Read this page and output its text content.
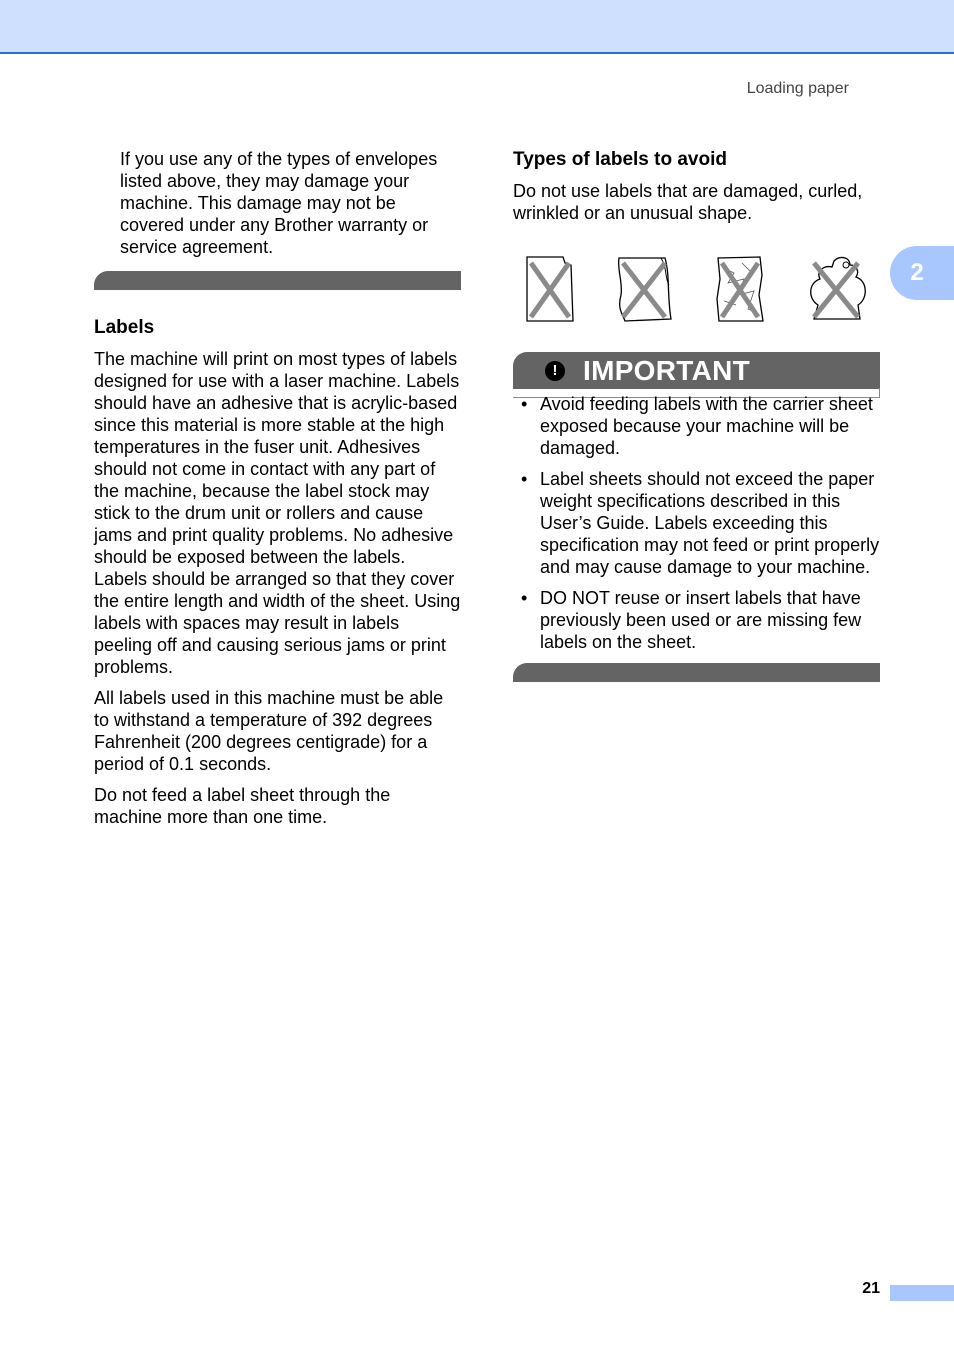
Loading paper
2

If you use any of the types of envelopes listed above, they may damage your machine. This damage may not be covered under any Brother warranty or service agreement.

Labels

The machine will print on most types of labels designed for use with a laser machine. Labels should have an adhesive that is acrylic-based since this material is more stable at the high temperatures in the fuser unit. Adhesives should not come in contact with any part of the machine, because the label stock may stick to the drum unit or rollers and cause jams and print quality problems. No adhesive should be exposed between the labels. Labels should be arranged so that they cover the entire length and width of the sheet. Using labels with spaces may result in labels peeling off and causing serious jams or print problems.

All labels used in this machine must be able to withstand a temperature of 392 degrees Fahrenheit (200 degrees centigrade) for a period of 0.1 seconds.

Do not feed a label sheet through the machine more than one time.

Types of labels to avoid

Do not use labels that are damaged, curled, wrinkled or an unusual shape.

! IMPORTANT
• Avoid feeding labels with the carrier sheet exposed because your machine will be damaged.
• Label sheets should not exceed the paper weight specifications described in this User’s Guide. Labels exceeding this specification may not feed or print properly and may cause damage to your machine.
• DO NOT reuse or insert labels that have previously been used or are missing few labels on the sheet.
21
